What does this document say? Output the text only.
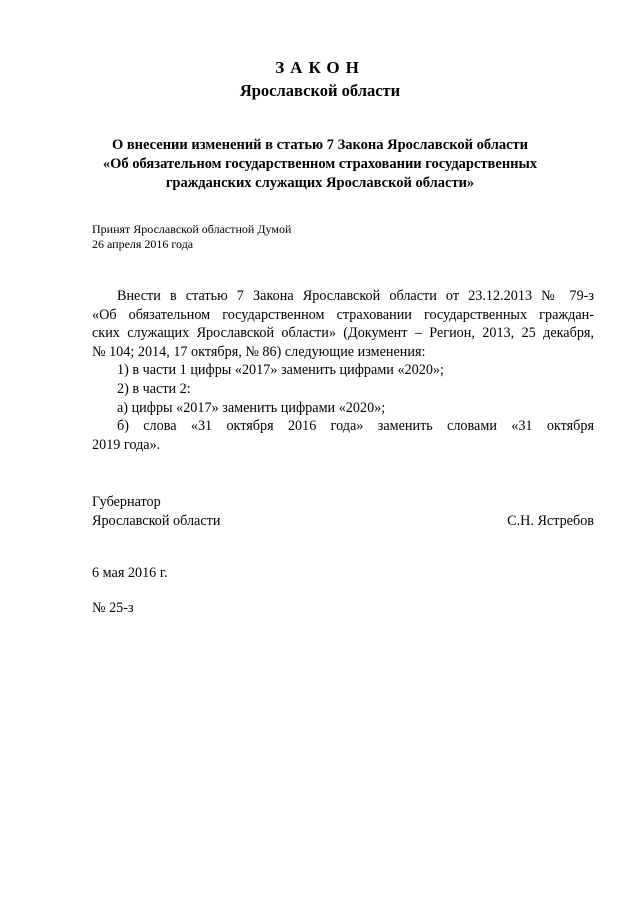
ЗАКОН
Ярославской области
О внесении изменений в статью 7 Закона Ярославской области
«Об обязательном государственном страховании государственных
гражданских служащих Ярославской области»
Принят Ярославской областной Думой
26 апреля 2016 года
Внести в статью 7 Закона Ярославской области от 23.12.2013 № 79-з
«Об обязательном государственном страховании государственных граждан-
ских служащих Ярославской области» (Документ – Регион, 2013, 25 декабря,
№ 104; 2014, 17 октября, № 86) следующие изменения:
1) в части 1 цифры «2017» заменить цифрами «2020»;
2) в части 2:
а) цифры «2017» заменить цифрами «2020»;
б) слова «31 октября 2016 года» заменить словами «31 октября
2019 года».
Губернатор
Ярославской области	С.Н. Ястребов
6 мая 2016 г.
№ 25-з
